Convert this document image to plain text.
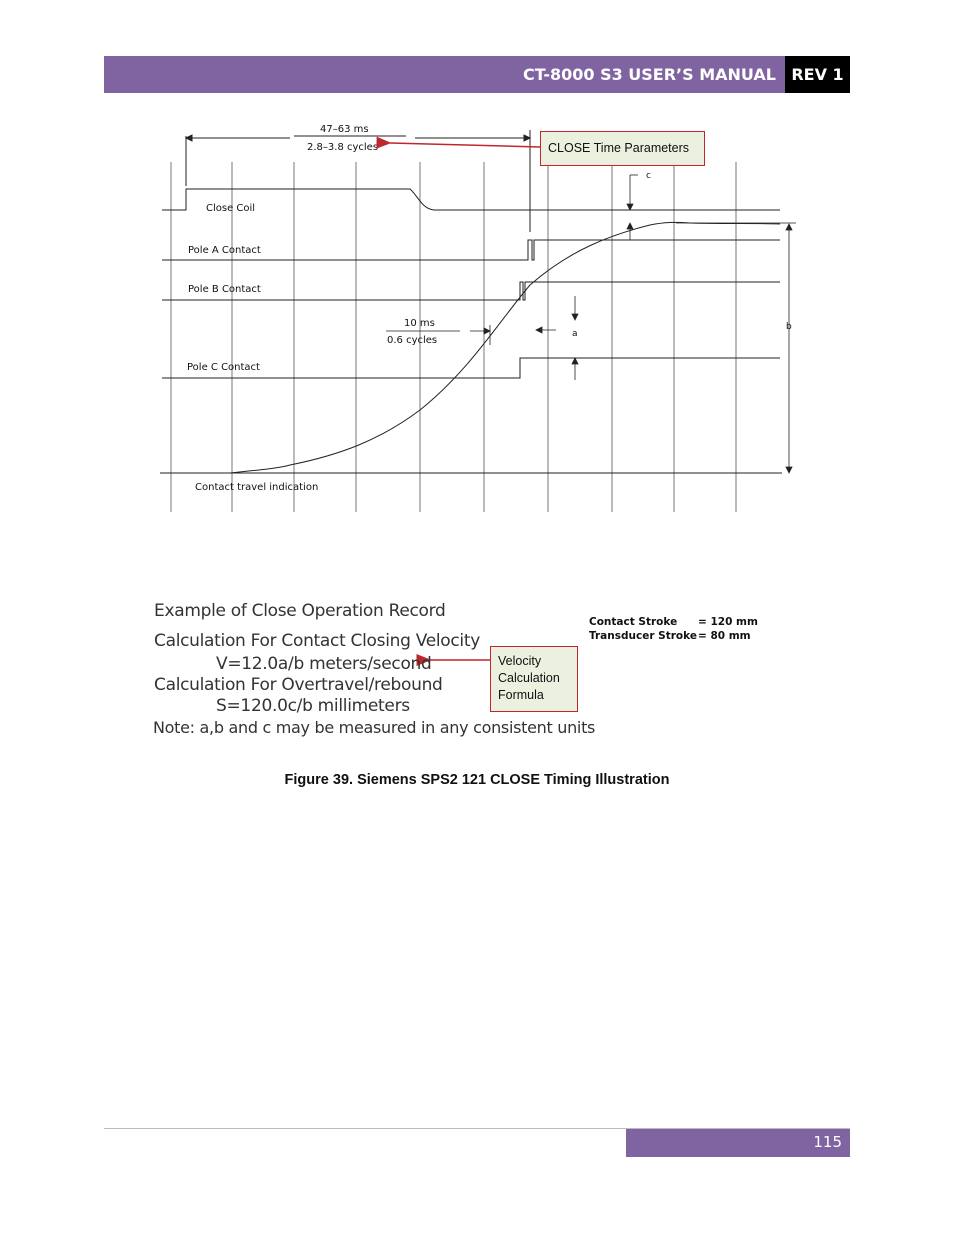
CT-8000 S3 USER’S MANUAL REV 1
47–63 ms
2.8–3.8 cycles
Close Coil
Pole A Contact
Pole B Contact
Pole C Contact
Contact travel indication
c
b
a
10 ms
0.6 cycles
CLOSE Time Parameters
Velocity
Calculation
Formula
Example of Close Operation Record
Calculation For Contact Closing Velocity
V=12.0a/b meters/second
Calculation For Overtravel/rebound
S=120.0c/b millimeters
Note: a,b and c may be measured in any consistent units
Contact Stroke = 120 mm
Transducer Stroke = 80 mm
Figure 39. Siemens SPS2 121 CLOSE Timing Illustration
115
